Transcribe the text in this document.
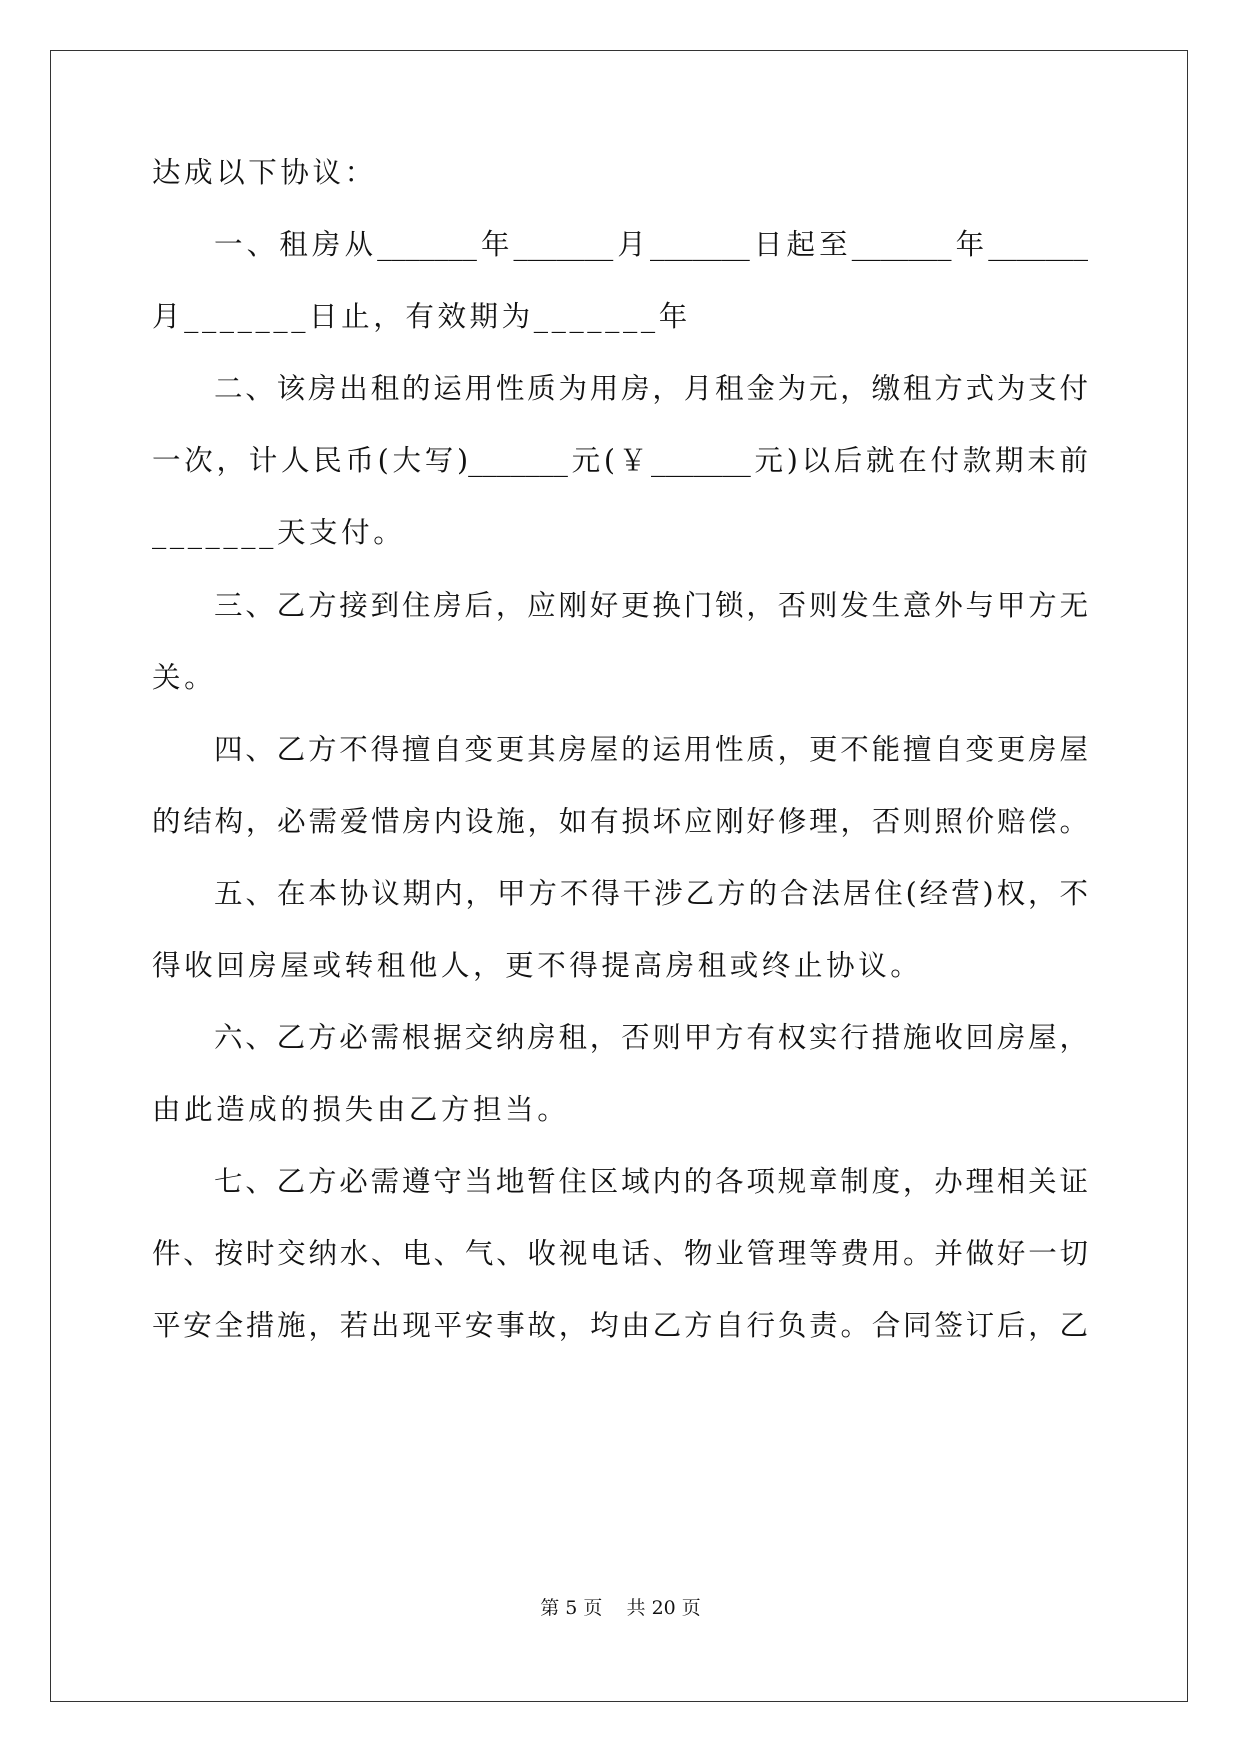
达成以下协议：
一、租房从_______年_______月_______日起至_______年_______
月_______日止，有效期为_______年
二、该房出租的运用性质为用房，月租金为元，缴租方式为支付
一次，计人民币(大写)_______元(￥_______元)以后就在付款期末前
_______天支付。
三、乙方接到住房后，应刚好更换门锁，否则发生意外与甲方无
关。
四、乙方不得擅自变更其房屋的运用性质，更不能擅自变更房屋
的结构，必需爱惜房内设施，如有损坏应刚好修理，否则照价赔偿。
五、在本协议期内，甲方不得干涉乙方的合法居住(经营)权，不
得收回房屋或转租他人，更不得提高房租或终止协议。
六、乙方必需根据交纳房租，否则甲方有权实行措施收回房屋，
由此造成的损失由乙方担当。
七、乙方必需遵守当地暂住区域内的各项规章制度，办理相关证
件、按时交纳水、电、气、收视电话、物业管理等费用。并做好一切
平安全措施，若出现平安事故，均由乙方自行负责。合同签订后，乙
第 5 页    共 20 页
